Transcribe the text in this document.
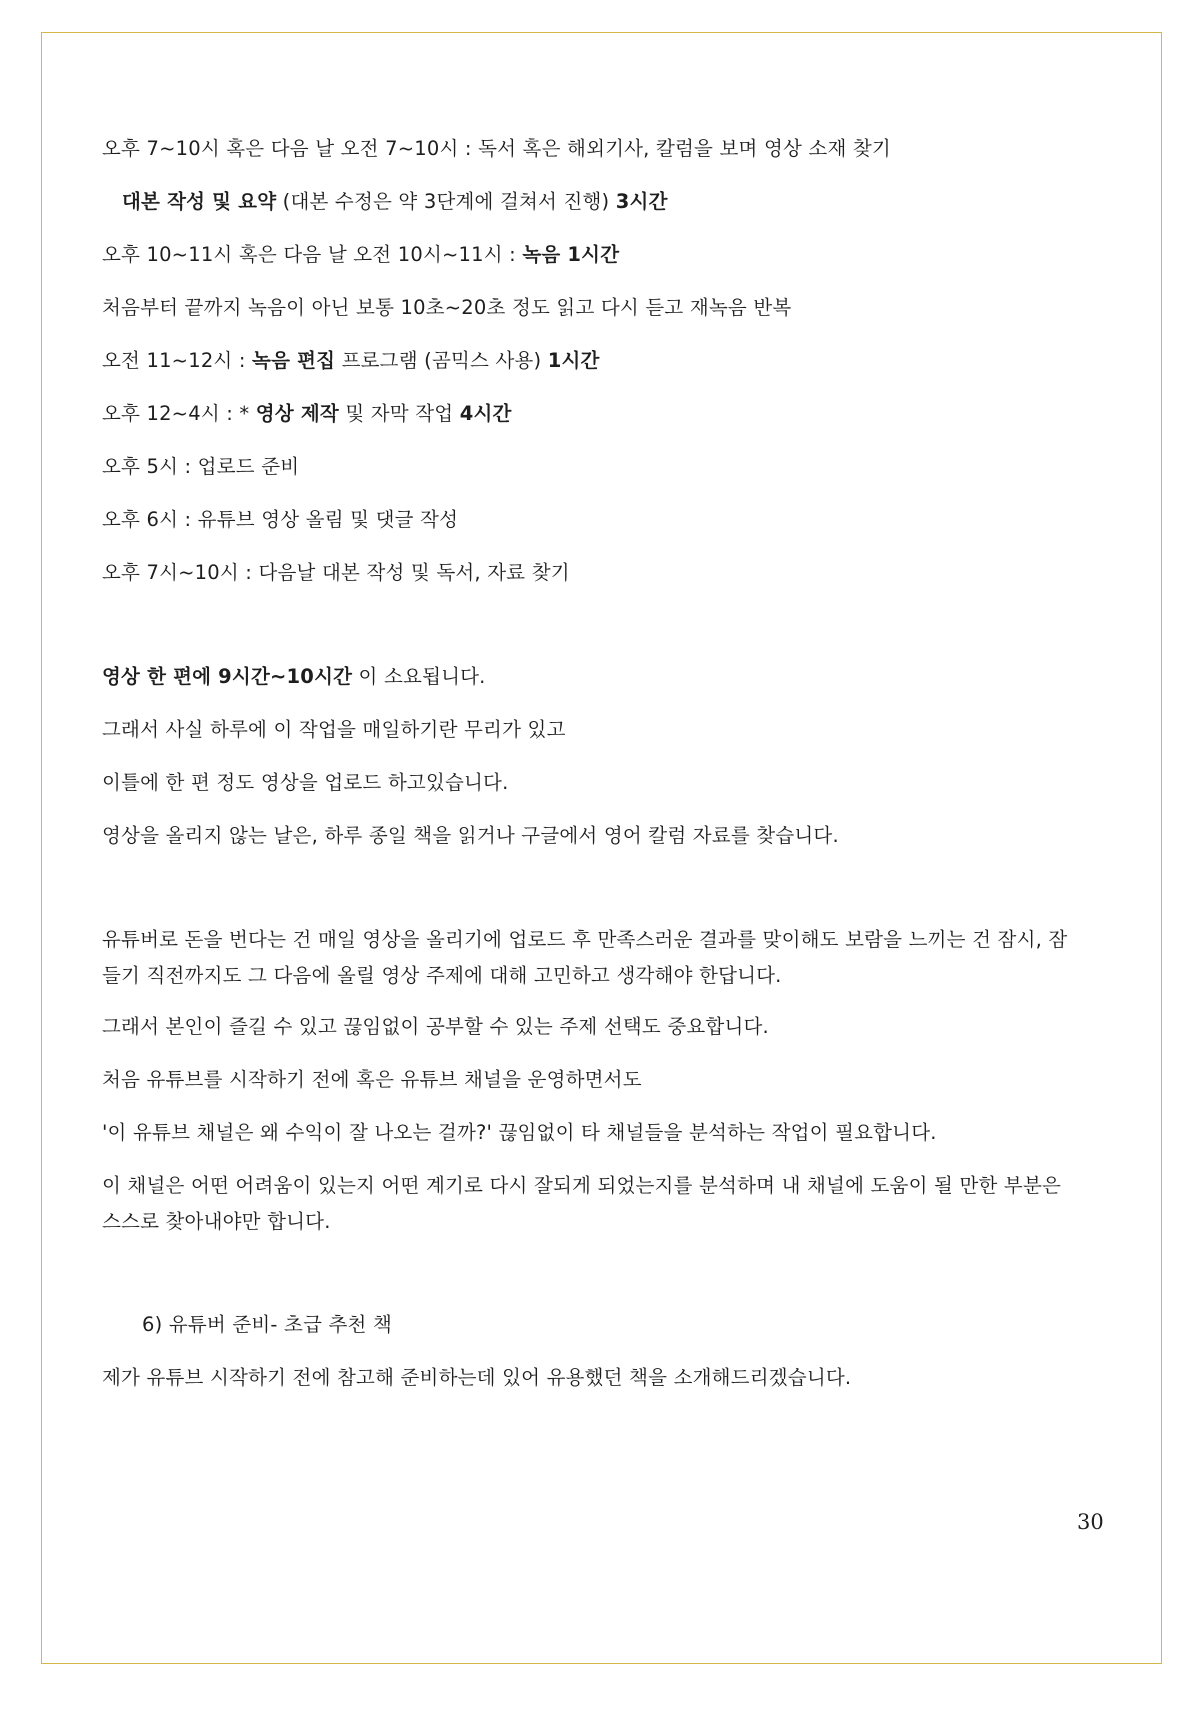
오후 7~10시 혹은 다음 날 오전 7~10시 : 독서 혹은 해외기사, 칼럼을 보며 영상 소재 찾기
대본 작성 및 요약 (대본 수정은 약 3단계에 걸쳐서 진행) 3시간
오후 10~11시 혹은 다음 날 오전 10시~11시 : 녹음 1시간
처음부터 끝까지 녹음이 아닌 보통 10초~20초 정도 읽고 다시 듣고 재녹음 반복
오전 11~12시 : 녹음 편집 프로그램 (곰믹스 사용) 1시간
오후 12~4시 : * 영상 제작 및 자막 작업 4시간
오후 5시 : 업로드 준비
오후 6시 : 유튜브 영상 올림 및 댓글 작성
오후 7시~10시 : 다음날 대본 작성 및 독서, 자료 찾기
영상 한 편에 9시간~10시간 이 소요됩니다.
그래서 사실 하루에 이 작업을 매일하기란 무리가 있고
이틀에 한 편 정도 영상을 업로드 하고있습니다.
영상을 올리지 않는 날은, 하루 종일 책을 읽거나 구글에서 영어 칼럼 자료를 찾습니다.
유튜버로 돈을 번다는 건 매일 영상을 올리기에 업로드 후 만족스러운 결과를 맞이해도 보람을 느끼는 건 잠시, 잠들기 직전까지도 그 다음에 올릴 영상 주제에 대해 고민하고 생각해야 한답니다.
그래서 본인이 즐길 수 있고 끊임없이 공부할 수 있는 주제 선택도 중요합니다.
처음 유튜브를 시작하기 전에 혹은 유튜브 채널을 운영하면서도
'이 유튜브 채널은 왜 수익이 잘 나오는 걸까?' 끊임없이 타 채널들을 분석하는 작업이 필요합니다.
이 채널은 어떤 어려움이 있는지 어떤 계기로 다시 잘되게 되었는지를 분석하며 내 채널에 도움이 될 만한 부분은 스스로 찾아내야만 합니다.
6) 유튜버 준비- 초급 추천 책
제가 유튜브 시작하기 전에 참고해 준비하는데 있어 유용했던 책을 소개해드리겠습니다.
30
